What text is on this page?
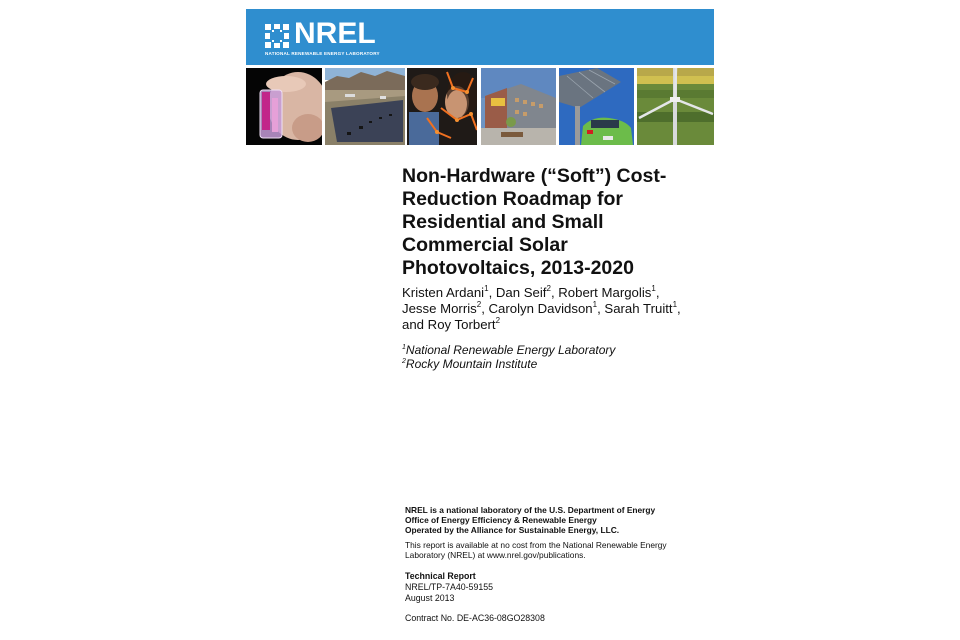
NREL
NATIONAL RENEWABLE ENERGY LABORATORY
Non-Hardware (“Soft”) Cost-
Reduction Roadmap for
Residential and Small
Commercial Solar
Photovoltaics, 2013-2020
Kristen Ardani$^1$, Dan Seif$^2$, Robert Margolis$^1$,
Jesse Morris$^2$, Carolyn Davidson$^1$, Sarah Truitt$^1$,
and Roy Torbert$^2$
$^1$National Renewable Energy Laboratory
$^2$Rocky Mountain Institute
NREL is a national laboratory of the U.S. Department of Energy
Office of Energy Efficiency & Renewable Energy
Operated by the Alliance for Sustainable Energy, LLC.
This report is available at no cost from the National Renewable Energy
Laboratory (NREL) at www.nrel.gov/publications.
Technical Report
NREL/TP-7A40-59155
August 2013
Contract No. DE-AC36-08GO28308
